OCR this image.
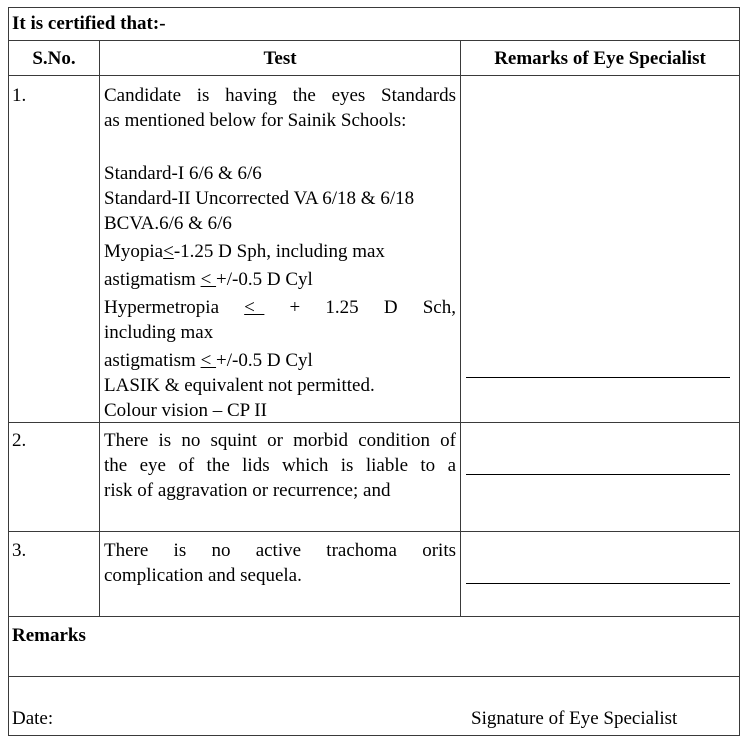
It is certified that:-
S.No.	Test	Remarks of Eye Specialist
1.	Candidate is having the eyes Standards
as mentioned below for Sainik Schools:

Standard-I 6/6 & 6/6
Standard-II Uncorrected VA 6/18 & 6/18
BCVA.6/6 & 6/6
Myopia≤-1.25 D Sph, including max
astigmatism < +/-0.5 D Cyl
Hypermetropia < + 1.25 D Sch,
including max
astigmatism < +/-0.5 D Cyl
LASIK & equivalent not permitted.
Colour vision – CP II
2.	There is no squint or morbid condition of
the eye of the lids which is liable to a
risk of aggravation or recurrence; and
3.	There is no active trachoma orits
complication and sequela.
Remarks
Date:	Signature of Eye Specialist
